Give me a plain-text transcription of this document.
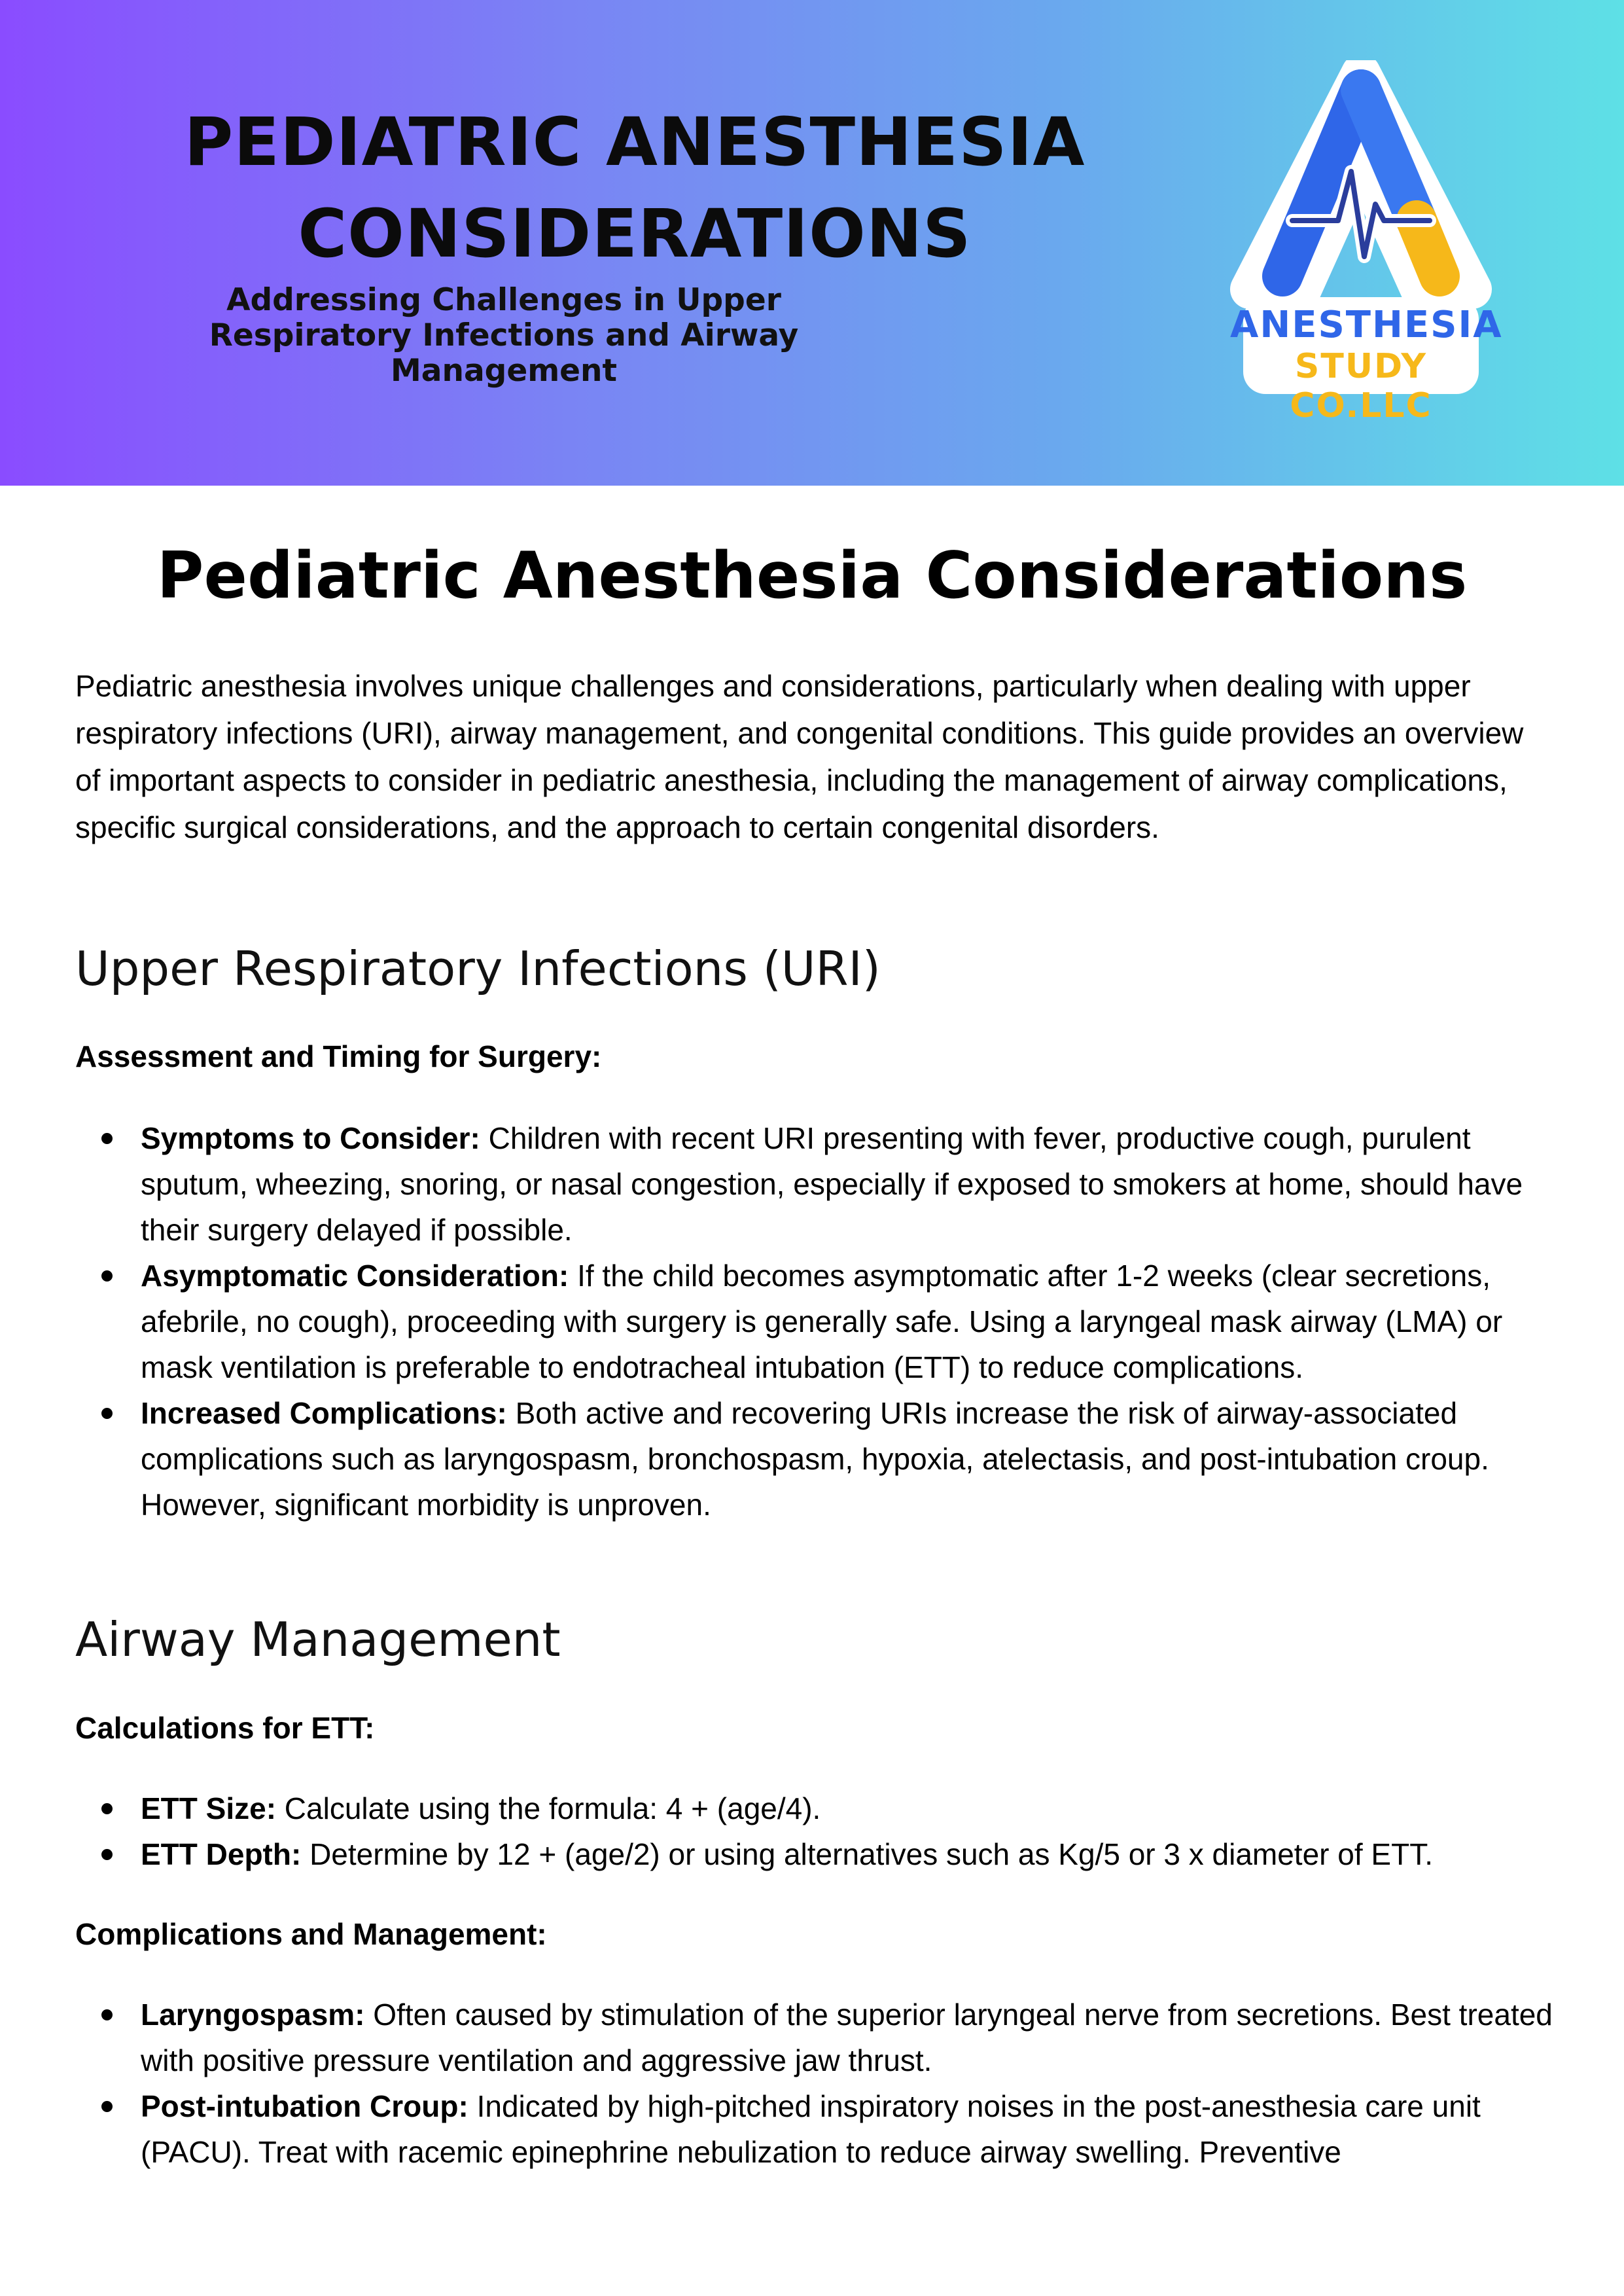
PEDIATRIC ANESTHESIA
CONSIDERATIONS

Addressing Challenges in Upper Respiratory Infections and Airway Management

ANESTHESIA
STUDY CO.LLC
Pediatric Anesthesia Considerations

Pediatric anesthesia involves unique challenges and considerations, particularly when dealing with upper respiratory infections (URI), airway management, and congenital conditions. This guide provides an overview of important aspects to consider in pediatric anesthesia, including the management of airway complications, specific surgical considerations, and the approach to certain congenital disorders.

Upper Respiratory Infections (URI)
Assessment and Timing for Surgery:
Symptoms to Consider: Children with recent URI presenting with fever, productive cough, purulent sputum, wheezing, snoring, or nasal congestion, especially if exposed to smokers at home, should have their surgery delayed if possible.
Asymptomatic Consideration: If the child becomes asymptomatic after 1-2 weeks (clear secretions, afebrile, no cough), proceeding with surgery is generally safe. Using a laryngeal mask airway (LMA) or mask ventilation is preferable to endotracheal intubation (ETT) to reduce complications.
Increased Complications: Both active and recovering URIs increase the risk of airway-associated complications such as laryngospasm, bronchospasm, hypoxia, atelectasis, and post-intubation croup. However, significant morbidity is unproven.
Airway Management
Calculations for ETT:
ETT Size: Calculate using the formula: 4 + (age/4).
ETT Depth: Determine by 12 + (age/2) or using alternatives such as Kg/5 or 3 x diameter of ETT.
Complications and Management:
Laryngospasm: Often caused by stimulation of the superior laryngeal nerve from secretions. Best treated with positive pressure ventilation and aggressive jaw thrust.
Post-intubation Croup: Indicated by high-pitched inspiratory noises in the post-anesthesia care unit (PACU). Treat with racemic epinephrine nebulization to reduce airway swelling. Preventive
